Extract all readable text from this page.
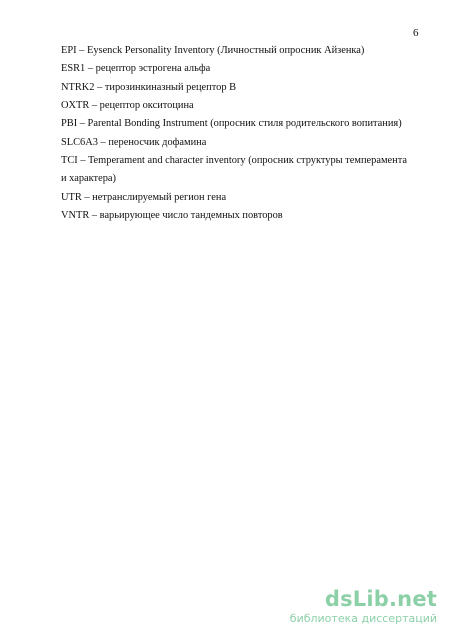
6
EPI – Eysenck Personality Inventory (Личностный опросник Айзенка)
ESR1 – рецептор эстрогена альфа
NTRK2 – тирозинкиназный рецептор B
OXTR – рецептор окситоцина
PBI – Parental Bonding Instrument (опросник стиля родительского вопитания)
SLC6A3 – переносчик дофамина
TCI – Temperament and character inventory (опросник структуры темперамента
и характера)
UTR – нетранслируемый регион гена
VNTR – варьирующее число тандемных повторов
dsLib.net
библиотека диссертаций
